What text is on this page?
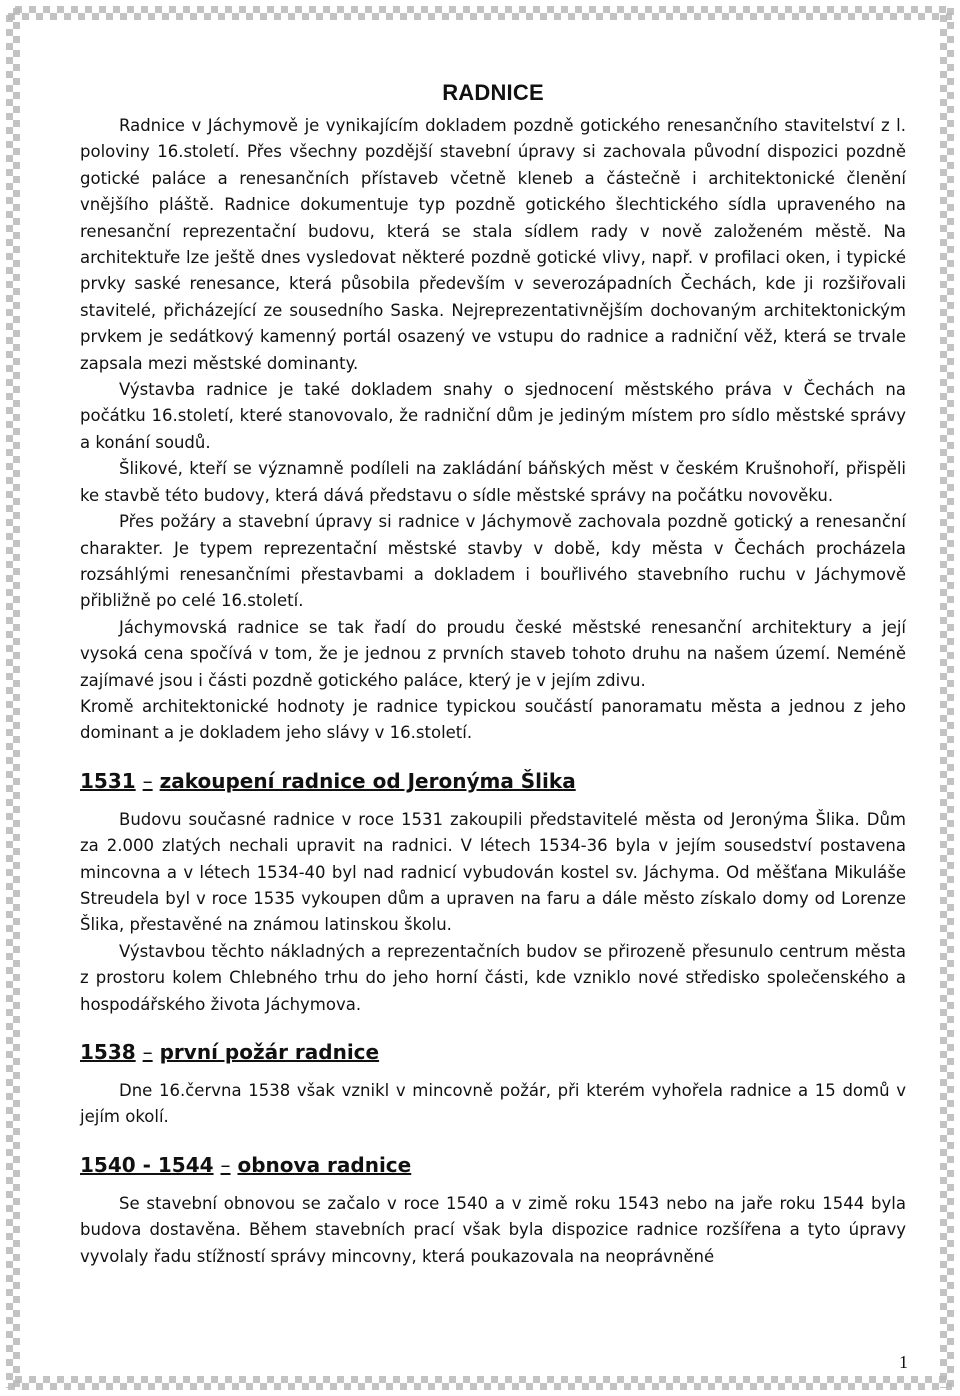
RADNICE

Radnice v Jáchymově je vynikajícím dokladem pozdně gotického renesančního stavitelství z l. poloviny 16.století. Přes všechny pozdější stavební úpravy si zachovala původní dispozici pozdně gotické paláce a renesančních přístaveb včetně kleneb a částečně i architektonické členění vnějšího pláště. Radnice dokumentuje typ pozdně gotického šlechtického sídla upraveného na renesanční reprezentační budovu, která se stala sídlem rady v nově založeném městě. Na architektuře lze ještě dnes vysledovat některé pozdně gotické vlivy, např. v profilaci oken, i typické prvky saské renesance, která působila především v severozápadních Čechách, kde ji rozšiřovali stavitelé, přicházející ze sousedního Saska. Nejreprezentativnějším dochovaným architektonickým prvkem je sedátkový kamenný portál osazený ve vstupu do radnice a radniční věž, která se trvale zapsala mezi městské dominanty.

Výstavba radnice je také dokladem snahy o sjednocení městského práva v Čechách na počátku 16.století, které stanovovalo, že radniční dům je jediným místem pro sídlo městské správy a konání soudů.

Šlikové, kteří se významně podíleli na zakládání báňských měst v českém Krušnohoří, přispěli ke stavbě této budovy, která dává představu o sídle městské správy na počátku novověku.

Přes požáry a stavební úpravy si radnice v Jáchymově zachovala pozdně gotický a renesanční charakter. Je typem reprezentační městské stavby v době, kdy města v Čechách procházela rozsáhlými renesančními přestavbami a dokladem i bouřlivého stavebního ruchu v Jáchymově přibližně po celé 16.století.

Jáchymovská radnice se tak řadí do proudu české městské renesanční architektury a její vysoká cena spočívá v tom, že je jednou z prvních staveb tohoto druhu na našem území. Neméně zajímavé jsou i části pozdně gotického paláce, který je v jejím zdivu.

Kromě architektonické hodnoty je radnice typickou součástí panoramatu města a jednou z jeho dominant a je dokladem jeho slávy v 16.století.

1531 – zakoupení radnice od Jeronýma Šlika

Budovu současné radnice v roce 1531 zakoupili představitelé města od Jeronýma Šlika. Dům za 2.000 zlatých nechali upravit na radnici. V létech 1534-36 byla v jejím sousedství postavena mincovna a v létech 1534-40 byl nad radnicí vybudován kostel sv. Jáchyma. Od měšťana Mikuláše Streudela byl v roce 1535 vykoupen dům a upraven na faru a dále město získalo domy od Lorenze Šlika, přestavěné na známou latinskou školu.

Výstavbou těchto nákladných a reprezentačních budov se přirozeně přesunulo centrum města z prostoru kolem Chlebného trhu do jeho horní části, kde vzniklo nové středisko společenského a hospodářského života Jáchymova.

1538 – první požár radnice

Dne 16.června 1538 však vznikl v mincovně požár, při kterém vyhořela radnice a 15 domů v jejím okolí.

1540 - 1544 – obnova radnice

Se stavební obnovou se začalo v roce 1540 a v zimě roku 1543 nebo na jaře roku 1544 byla budova dostavěna. Během stavebních prací však byla dispozice radnice rozšířena a tyto úpravy vyvolaly řadu stížností správy mincovny, která poukazovala na neoprávněné

1
